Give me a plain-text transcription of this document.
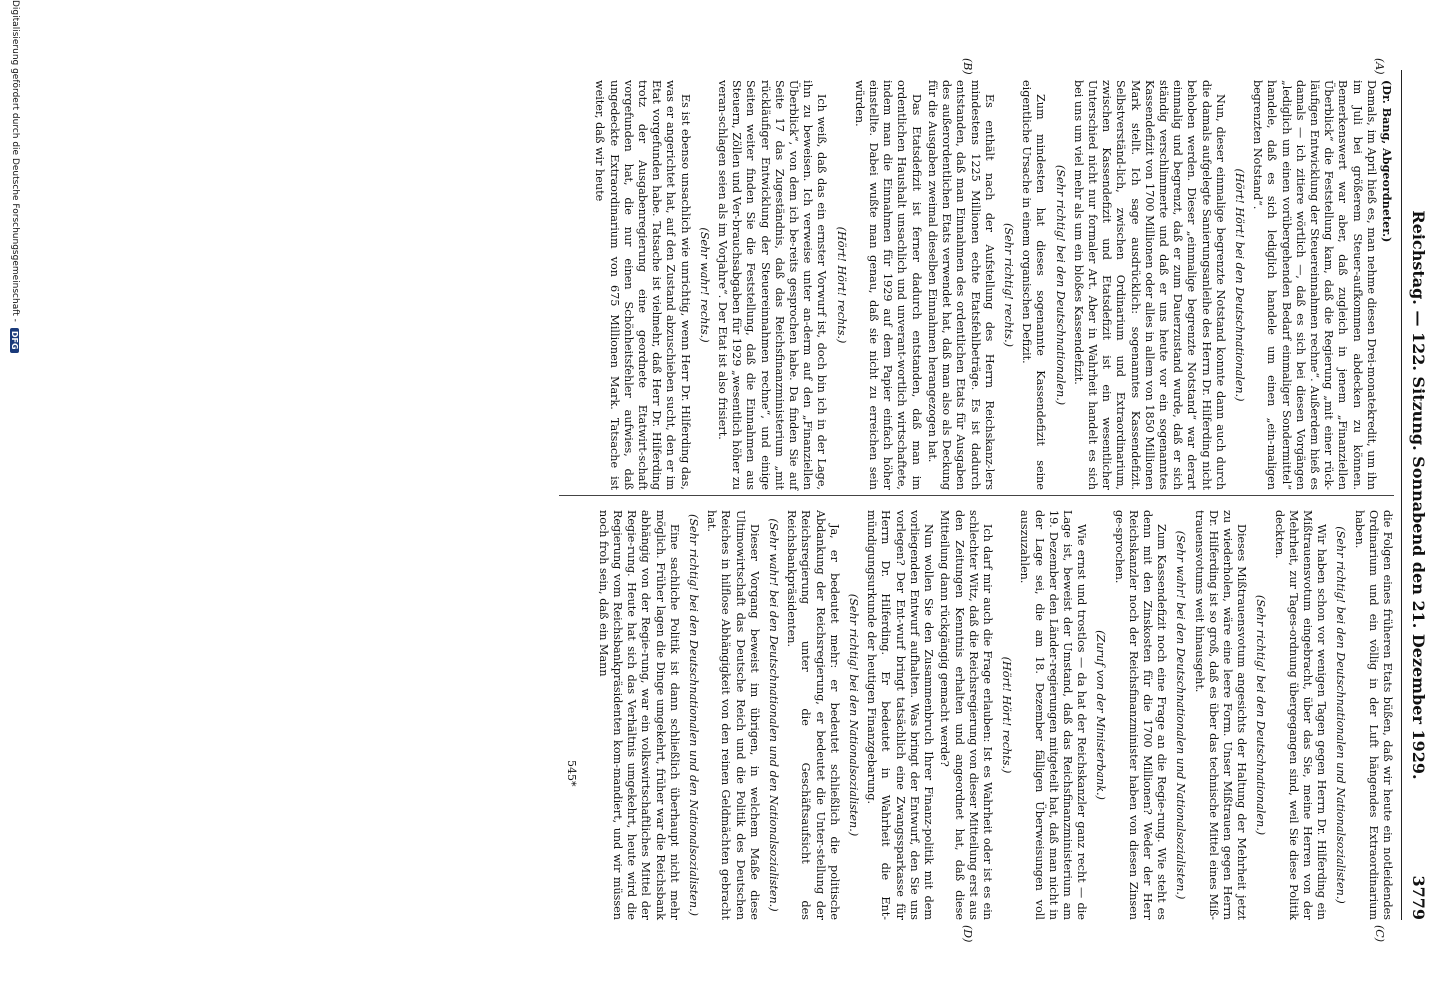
Reichstag. — 122. Sitzung. Sonnabend den 21. Dezember 1929.
3779
(A)
(B)
(C)
(D)

(Dr. Bang, Abgeordneter.)

Damals, im April hieß es, man nehme diesen Drei-monatekredit, um ihn im Juli bei größerem Steuer-aufkommen abdecken zu können. Bemerkenswert war aber, daß zugleich in jenem „Finanziellen Überblick“ die Feststellung kam, daß die Regierung „mit einer rück-läufigen Entwicklung der Steuereinnahmen rechne“. Außerdem hieß es damals — ich zitiere wörtlich —, daß es sich bei diesen Vorgängen „lediglich um einen vorübergehenden Bedarf einmaliger Sondermittel“ handele, daß es sich lediglich handele um einen „ein-maligen begrenzten Notstand“.

(Hört! Hört! bei den Deutschnationalen.)

Nun, dieser einmalige begrenzte Notstand konnte dann auch durch die damals aufgelegte Sanierungsanleihe des Herrn Dr. Hilferding nicht behoben werden. Dieser „einmalige begrenzte Notstand“ war derart einmalig und begrenzt, daß er zum Dauerzustand wurde, daß er sich ständig verschlimmerte und daß er uns heute vor ein sogenanntes Kassendefizit von 1700 Millionen oder alles in allem von 1850 Millionen Mark stellt. Ich sage ausdrücklich: sogenanntes Kassendefizit. Selbstverständ-lich, zwischen Ordinarium und Extraordinarium, zwischen Kassendefizit und Etatsdefizit ist ein wesentlicher Unterschied nicht nur formaler Art. Aber in Wahrheit handelt es sich bei uns um viel mehr als um ein bloßes Kassendefizit.

(Sehr richtig! bei den Deutschnationalen.)

Zum mindesten hat dieses sogenannte Kassendefizit seine eigentliche Ursache in einem organischen Defizit.

(Sehr richtig! rechts.)

Es enthält nach der Aufstellung des Herrn Reichskanz-lers mindestens 1225 Millionen echte Etatsfehlbeträge. Es ist dadurch entstanden, daß man Einnahmen des ordentlichen Etats für Ausgaben des außerordentlichen Etats verwendet hat, daß man also als Deckung für die Ausgaben zweimal dieselben Einnahmen herangezogen hat.

Das Etatsdefizit ist ferner dadurch entstanden, daß man im ordentlichen Haushalt unsachlich und unverant-wortlich wirtschaftete, indem man die Einnahmen für 1929 auf dem Papier einfach höher einstellte. Dabei wußte man genau, daß sie nicht zu erreichen sein würden.

(Hört! Hört! rechts.)

Ich weiß, daß das ein ernster Vorwurf ist, doch bin ich in der Lage, ihn zu beweisen. Ich verweise unter an-derm auf den „Finanziellen Überblick“, von dem ich be-reits gesprochen habe. Da finden Sie auf Seite 17 das Zugeständnis, daß das Reichsfinanzministerium „mit rückläufiger Entwicklung der Steuereinnahmen rechne“, und einige Seiten weiter finden Sie die Feststellung, daß die Einnahmen aus Steuern, Zöllen und Ver-brauchsabgaben für 1929 „wesentlich höher zu veran-schlagen seien als im Vorjahre“. Der Etat ist also frisiert.

(Sehr wahr! rechts.)

Es ist ebenso unsachlich wie unrichtig, wenn Herr Dr. Hilferding das, was er angerichtet hat, auf den Zustand abzuschieben sucht, den er im Etat vorgefunden habe. Tatsache ist vielmehr, daß Herr Dr. Hilferding trotz der Ausgabenregierung eine geordnete Etatwirt-schaft vorgefunden hat, die nur einen Schönheitsfehler aufwies, daß ungedeckte Extraordinarium von 675 Millionen Mark. Tatsache ist weiter, daß wir heute

die Folgen eines früheren Etats büßen, daß wir heute ein notleidendes Ordinarium und ein völlig in der Luft hängendes Extraordinarium haben.

(Sehr richtig! bei den Deutschnationalen und Nationalsozialisten.)

Wir haben schon vor wenigen Tagen gegen Herrn Dr. Hilferding ein Mißtrauensvotum eingebracht, über das Sie, meine Herren von der Mehrheit, zur Tages-ordnung übergegangen sind, weil Sie diese Politik deckten.

(Sehr richtig! bei den Deutschnationalen.)

Dieses Mißtrauensvotum angesichts der Haltung der Mehrheit jetzt zu wiederholen, wäre eine leere Form. Unser Mißtrauen gegen Herrn Dr. Hilferding ist so groß, daß es über das technische Mittel eines Miß-trauensvotums weit hinausgeht.

(Sehr wahr! bei den Deutschnationalen und Nationalsozialisten.)

Zum Kassendefizit noch eine Frage an die Regie-rung. Wie steht es denn mit den Zinskosten für die 1700 Millionen? Weder der Herr Reichskanzler noch der Reichsfinanzminister haben von diesen Zinsen ge-sprochen.

(Zuruf von der Ministerbank.)

Wie ernst und trostlos — da hat der Reichskanzler ganz recht — die Lage ist, beweist der Umstand, daß das Reichsfinanzministerium am 19. Dezember den Länder-regierungen mitgeteilt hat, daß man nicht in der Lage sei, die am 18. Dezember fälligen Überweisungen voll auszuzahlen.

(Hört! Hört! rechts.)

Ich darf mir auch die Frage erlauben: Ist es Wahrheit oder ist es ein schlechter Witz, daß die Reichsregierung von dieser Mitteilung erst aus den Zeitungen Kenntnis erhalten und angeordnet hat, daß diese Mitteilung dann rückgängig gemacht werde?

Nun wollen Sie den Zusammenbruch Ihrer Finanz-politik mit dem vorliegenden Entwurf aufhalten. Was bringt der Entwurf, den Sie uns vorlegen? Der Ent-wurf bringt tatsächlich eine Zwangssparkasse für Herrn Dr. Hilferding. Er bedeutet in Wahrheit die Ent-mündigungsurkunde der heutigen Finanzgebarung.

(Sehr richtig! bei den Nationalsozialisten.)

Ja, er bedeutet mehr: er bedeutet schließlich die politische Abdankung der Reichsregierung, er bedeutet die Unter-stellung der Reichsregierung unter die Geschäftsaufsicht des Reichsbankpräsidenten.

(Sehr wahr! bei den Deutschnationalen und den Nationalsozialisten.)

Dieser Vorgang beweist im übrigen, in welchem Maße diese Ultimowirtschaft das Deutsche Reich und die Politik des Deutschen Reiches in hilflose Abhängigkeit von den reinen Geldmächten gebracht hat.

(Sehr richtig! bei den Deutschnationalen und den Nationalsozialisten.)

Eine sachliche Politik ist dann schließlich überhaupt nicht mehr möglich. Früher lagen die Dinge umgekehrt, früher war die Reichsbank abhängig von der Regie-rung, war ein volkswirtschaftliches Mittel der Regie-rung. Heute hat sich das Verhältnis umgekehrt, heute wird die Regierung vom Reichsbankpräsidenten kom-mandiert, und wir müssen noch froh sein, daß ein Mann

545*
Digitalisierung gefördert durch die Deutsche Forschungsgemeinschaft -
DFG
